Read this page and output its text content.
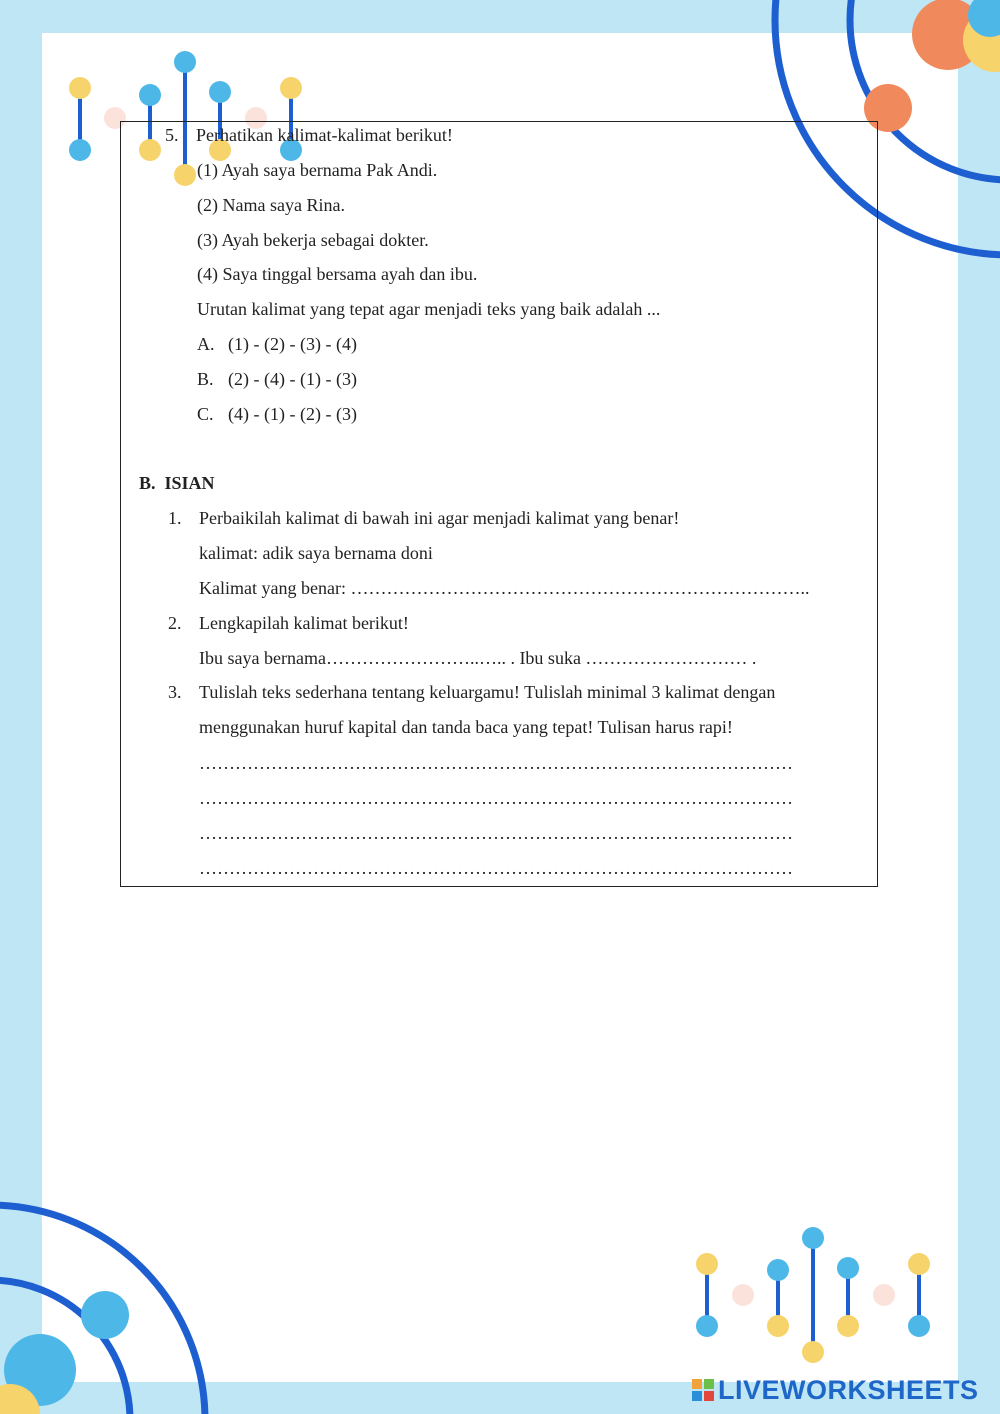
5. Perhatikan kalimat-kalimat berikut!
(1) Ayah saya bernama Pak Andi.
(2) Nama saya Rina.
(3) Ayah bekerja sebagai dokter.
(4) Saya tinggal bersama ayah dan ibu.
Urutan kalimat yang tepat agar menjadi teks yang baik adalah ...
A. (1) - (2) - (3) - (4)
B. (2) - (4) - (1) - (3)
C. (4) - (1) - (2) - (3)
B.  ISIAN
1. Perbaikilah kalimat di bawah ini agar menjadi kalimat yang benar!
kalimat: adik saya bernama doni
Kalimat yang benar: …………………………………………………………………..
2. Lengkapilah kalimat berikut!
Ibu saya bernama……………………..….. . Ibu suka ……………………… .
3. Tulislah teks sederhana tentang keluargamu! Tulislah minimal 3 kalimat dengan
menggunakan huruf kapital dan tanda baca yang tepat! Tulisan harus rapi!
………………………………………………………………………………………
………………………………………………………………………………………
………………………………………………………………………………………
………………………………………………………………………………………
LIVEWORKSHEETS
